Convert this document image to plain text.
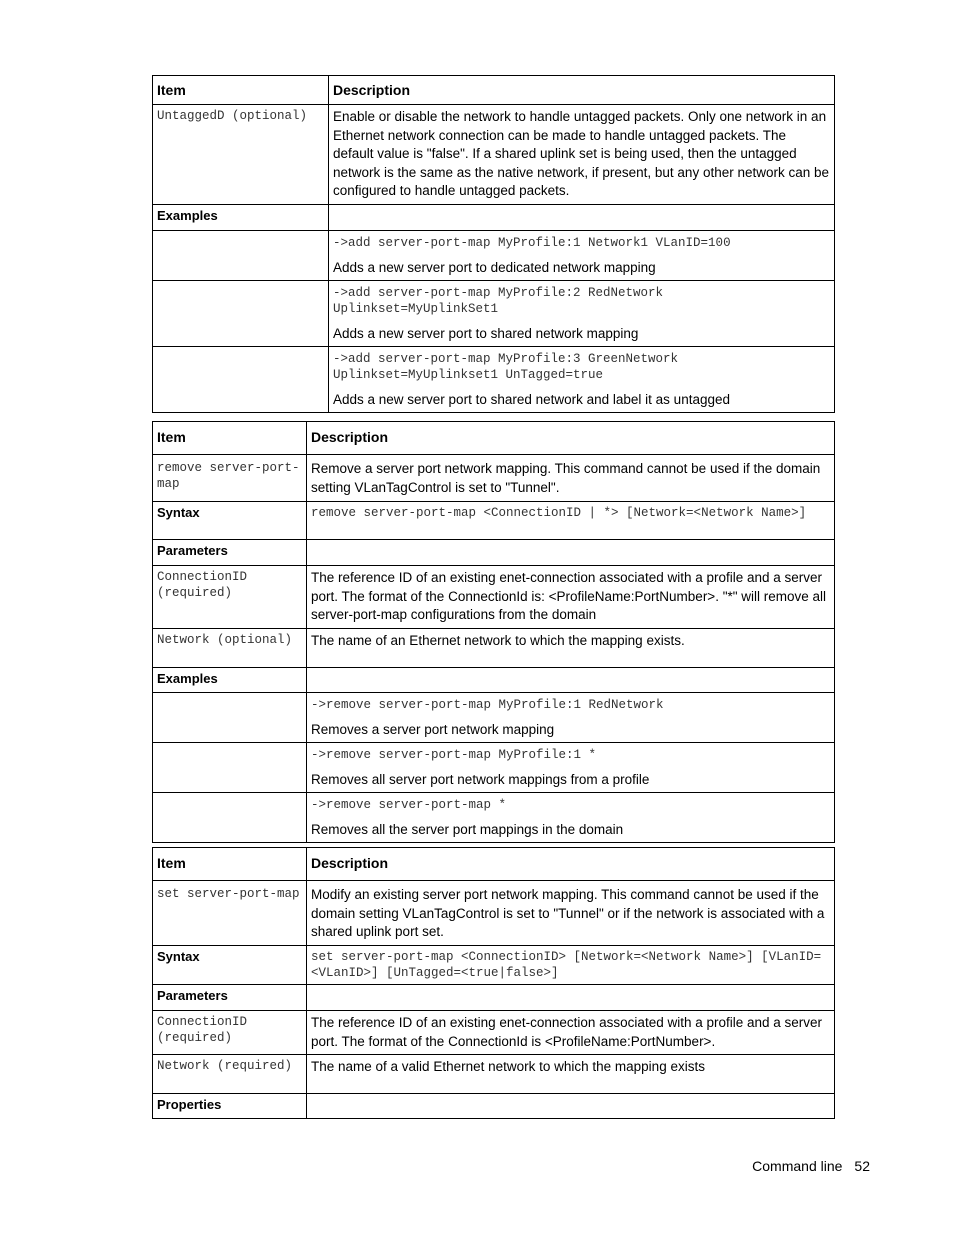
Item	Description

UntaggedD (optional)	Enable or disable the network to handle untagged packets. Only one network in an Ethernet network connection can be made to handle untagged packets. The default value is "false". If a shared uplink set is being used, then the untagged network is the same as the native network, if present, but any other network can be configured to handle untagged packets.

Examples	

	->add server-port-map MyProfile:1 Network1 VLanID=100
Adds a new server port to dedicated network mapping

	->add server-port-map MyProfile:2 RedNetwork Uplinkset=MyUplinkSet1
Adds a new server port to shared network mapping

	->add server-port-map MyProfile:3 GreenNetwork Uplinkset=MyUplinkset1 UnTagged=true
Adds a new server port to shared network and label it as untagged
Item	Description

remove server-port-map	Remove a server port network mapping. This command cannot be used if the domain setting VLanTagControl is set to "Tunnel".

Syntax	remove server-port-map <ConnectionID | *> [Network=<Network Name>]

Parameters	

ConnectionID (required)	The reference ID of an existing enet-connection associated with a profile and a server port. The format of the ConnectionId is: <ProfileName:PortNumber>. "*" will remove all server-port-map configurations from the domain

Network (optional)	The name of an Ethernet network to which the mapping exists.

Examples	

	->remove server-port-map MyProfile:1 RedNetwork
Removes a server port network mapping

	->remove server-port-map MyProfile:1 *
Removes all server port network mappings from a profile

	->remove server-port-map *
Removes all the server port mappings in the domain
Item	Description

set server-port-map	Modify an existing server port network mapping. This command cannot be used if the domain setting VLanTagControl is set to "Tunnel" or if the network is associated with a shared uplink port set.

Syntax	set server-port-map <ConnectionID> [Network=<Network Name>] [VLanID=<VLanID>] [UnTagged=<true|false>]

Parameters	

ConnectionID (required)	The reference ID of an existing enet-connection associated with a profile and a server port. The format of the ConnectionId is <ProfileName:PortNumber>.

Network (required)	The name of a valid Ethernet network to which the mapping exists

Properties	
Command line 52
